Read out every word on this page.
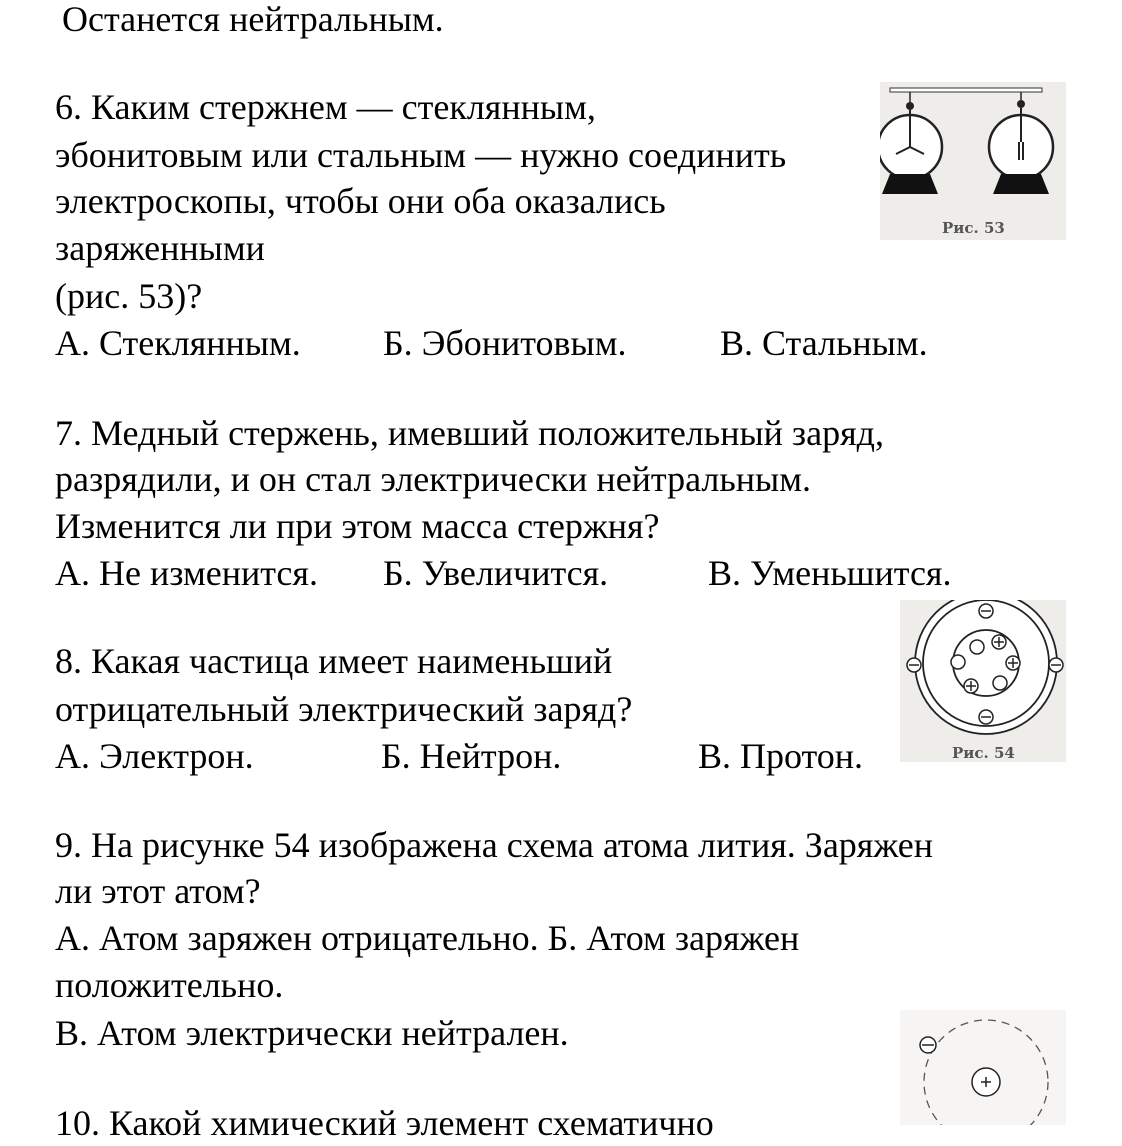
Останется нейтральным.
6. Каким стержнем — стеклянным,
эбонитовым или стальным — нужно соединить
электроскопы, чтобы они оба оказались
заряженными
(рис. 53)?
А. Стеклянным. Б. Эбонитовым.	В. Стальным.
Рис. 53
7. Медный стержень, имевший положительный заряд,
разрядили, и он стал электрически нейтральным.
Изменится ли при этом масса стержня?
А. Не изменится. Б. Увеличится.	В. Уменьшится.
Рис. 54
8. Какая частица имеет наименьший
отрицательный электрический заряд?
А. Электрон.	Б. Нейтрон.	В. Протон.
9. На рисунке 54 изображена схема атома лития. Заряжен
ли этот атом?
А. Атом заряжен отрицательно. Б. Атом заряжен
положительно.
В. Атом электрически нейтрален.
10. Какой химический элемент схематично
